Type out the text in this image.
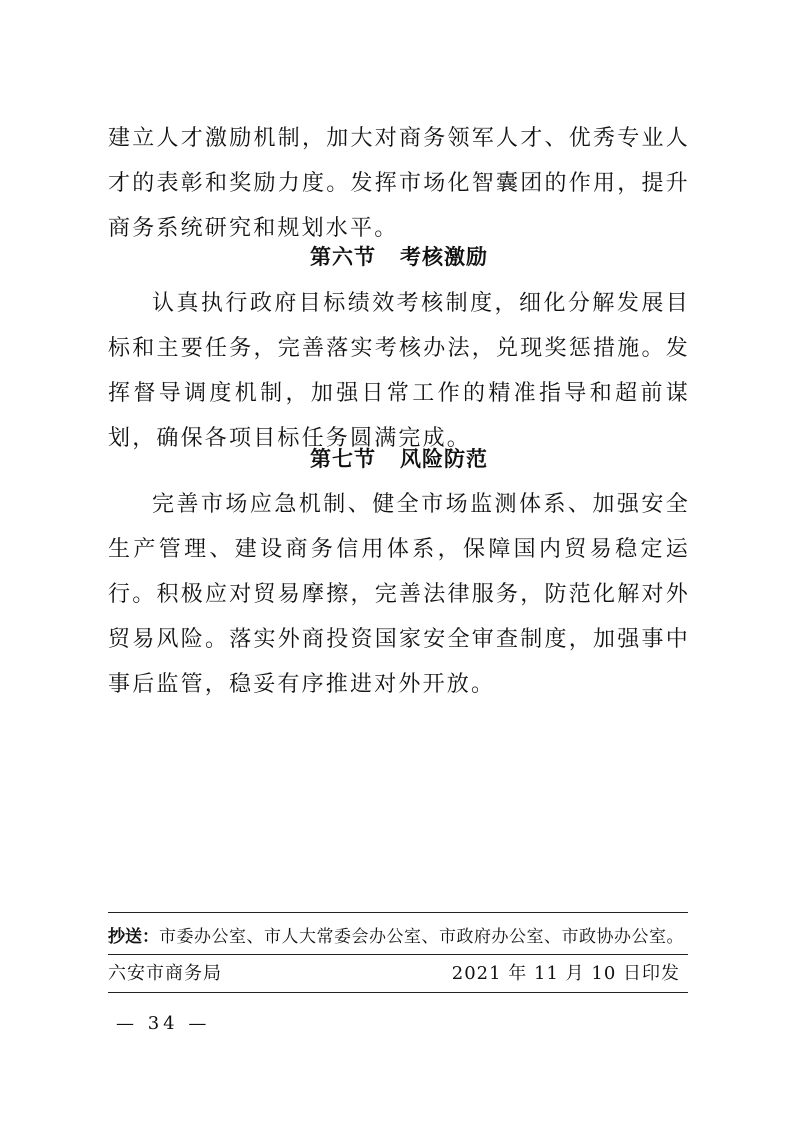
建立人才激励机制，加大对商务领军人才、优秀专业人才的表彰和奖励力度。发挥市场化智囊团的作用，提升商务系统研究和规划水平。

第六节 考核激励

认真执行政府目标绩效考核制度，细化分解发展目标和主要任务，完善落实考核办法，兑现奖惩措施。发挥督导调度机制，加强日常工作的精准指导和超前谋划，确保各项目标任务圆满完成。

第七节 风险防范

完善市场应急机制、健全市场监测体系、加强安全生产管理、建设商务信用体系，保障国内贸易稳定运行。积极应对贸易摩擦，完善法律服务，防范化解对外贸易风险。落实外商投资国家安全审查制度，加强事中事后监管，稳妥有序推进对外开放。

抄送：市委办公室、市人大常委会办公室、市政府办公室、市政协办公室。
六安市商务局	2021 年 11 月 10 日印发
— 34 —
